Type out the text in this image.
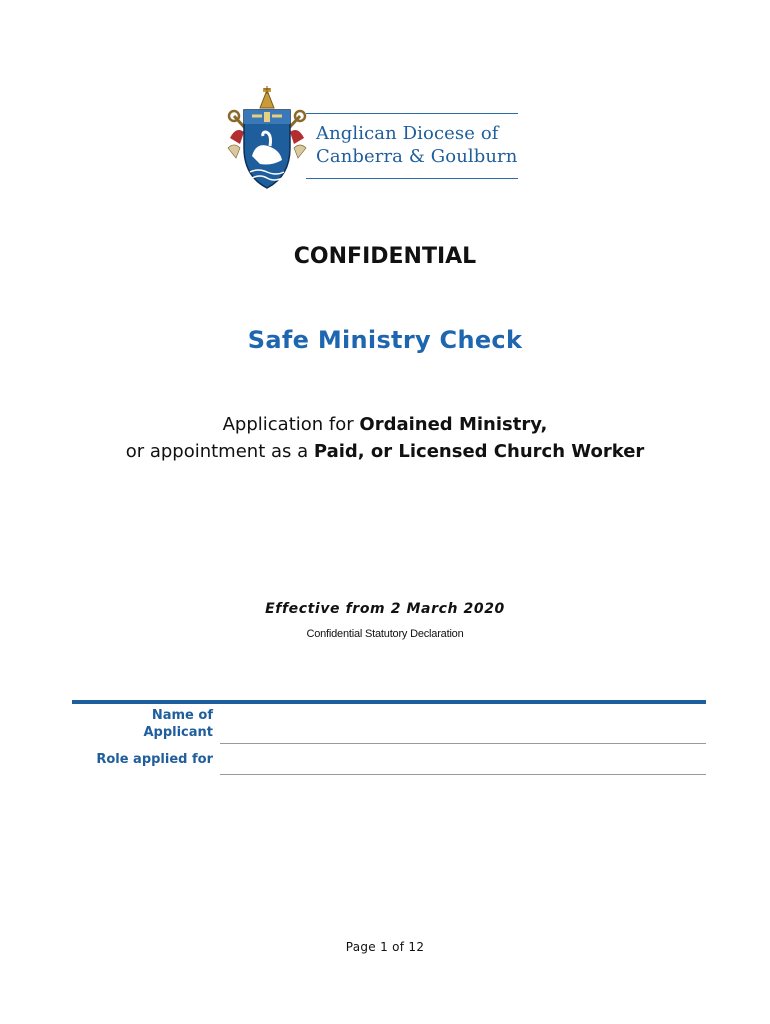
Anglican Diocese of
Canberra & Goulburn
CONFIDENTIAL
Safe Ministry Check
Application for Ordained Ministry,
or appointment as a Paid, or Licensed Church Worker
Effective from 2 March 2020
Confidential Statutory Declaration
Name of
Applicant
Role applied for
Page 1 of 12
